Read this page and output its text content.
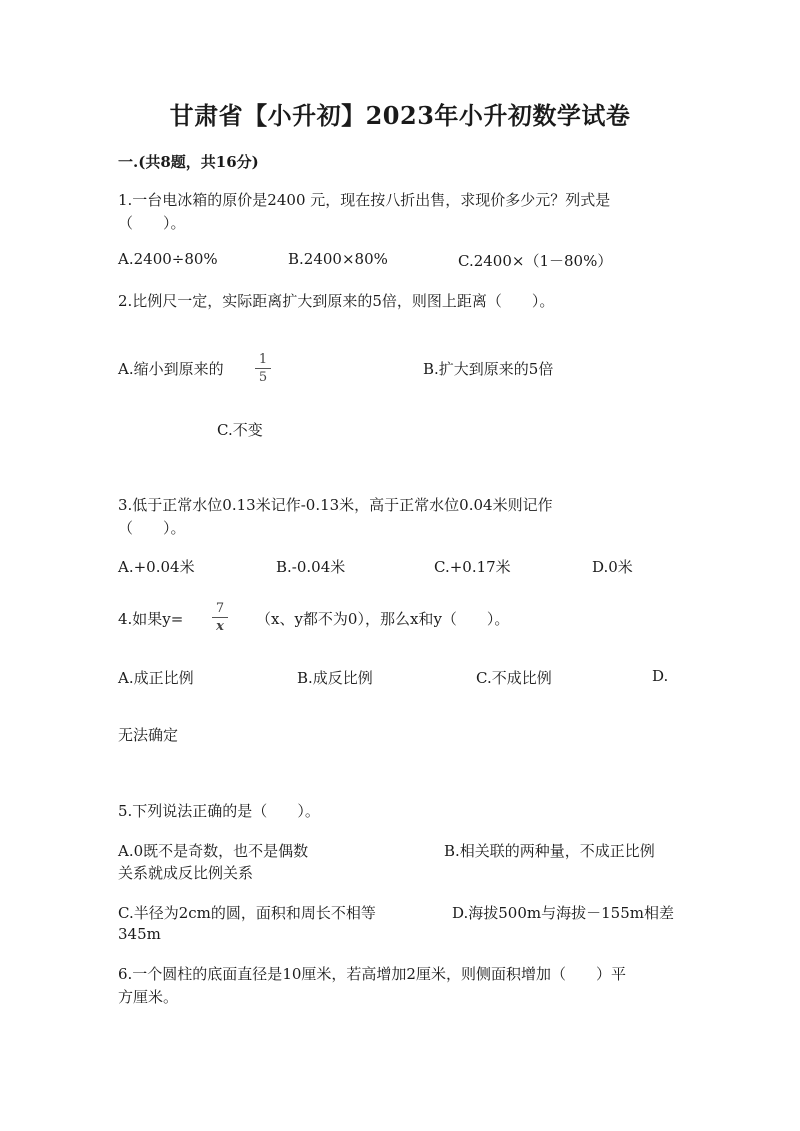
甘肃省【小升初】2023年小升初数学试卷
一.(共8题，共16分)
1.一台电冰箱的原价是2400 元，现在按八折出售，求现价多少元？列式是
（　　）。
A.2400÷80%	B.2400×80%	C.2400×（1－80%）
2.比例尺一定，实际距离扩大到原来的5倍，则图上距离（　　）。
A.缩小到原来的
1
5	B.扩大到原来的5倍
C.不变
3.低于正常水位0.13米记作-0.13米，高于正常水位0.04米则记作
（　　）。
A.+0.04米	B.-0.04米	C.+0.17米	D.0米
4.如果y=
7
x （x、y都不为0），那么x和y（　　）。
A.成正比例	B.成反比例	C.不成比例	D.
无法确定
5.下列说法正确的是（　　）。
A.0既不是奇数，也不是偶数	B.相关联的两种量，不成正比例
关系就成反比例关系
C.半径为2cm的圆，面积和周长不相等	D.海拔500m与海拔－155m相差
345m
6.一个圆柱的底面直径是10厘米，若高增加2厘米，则侧面积增加（　　）平
方厘米。
